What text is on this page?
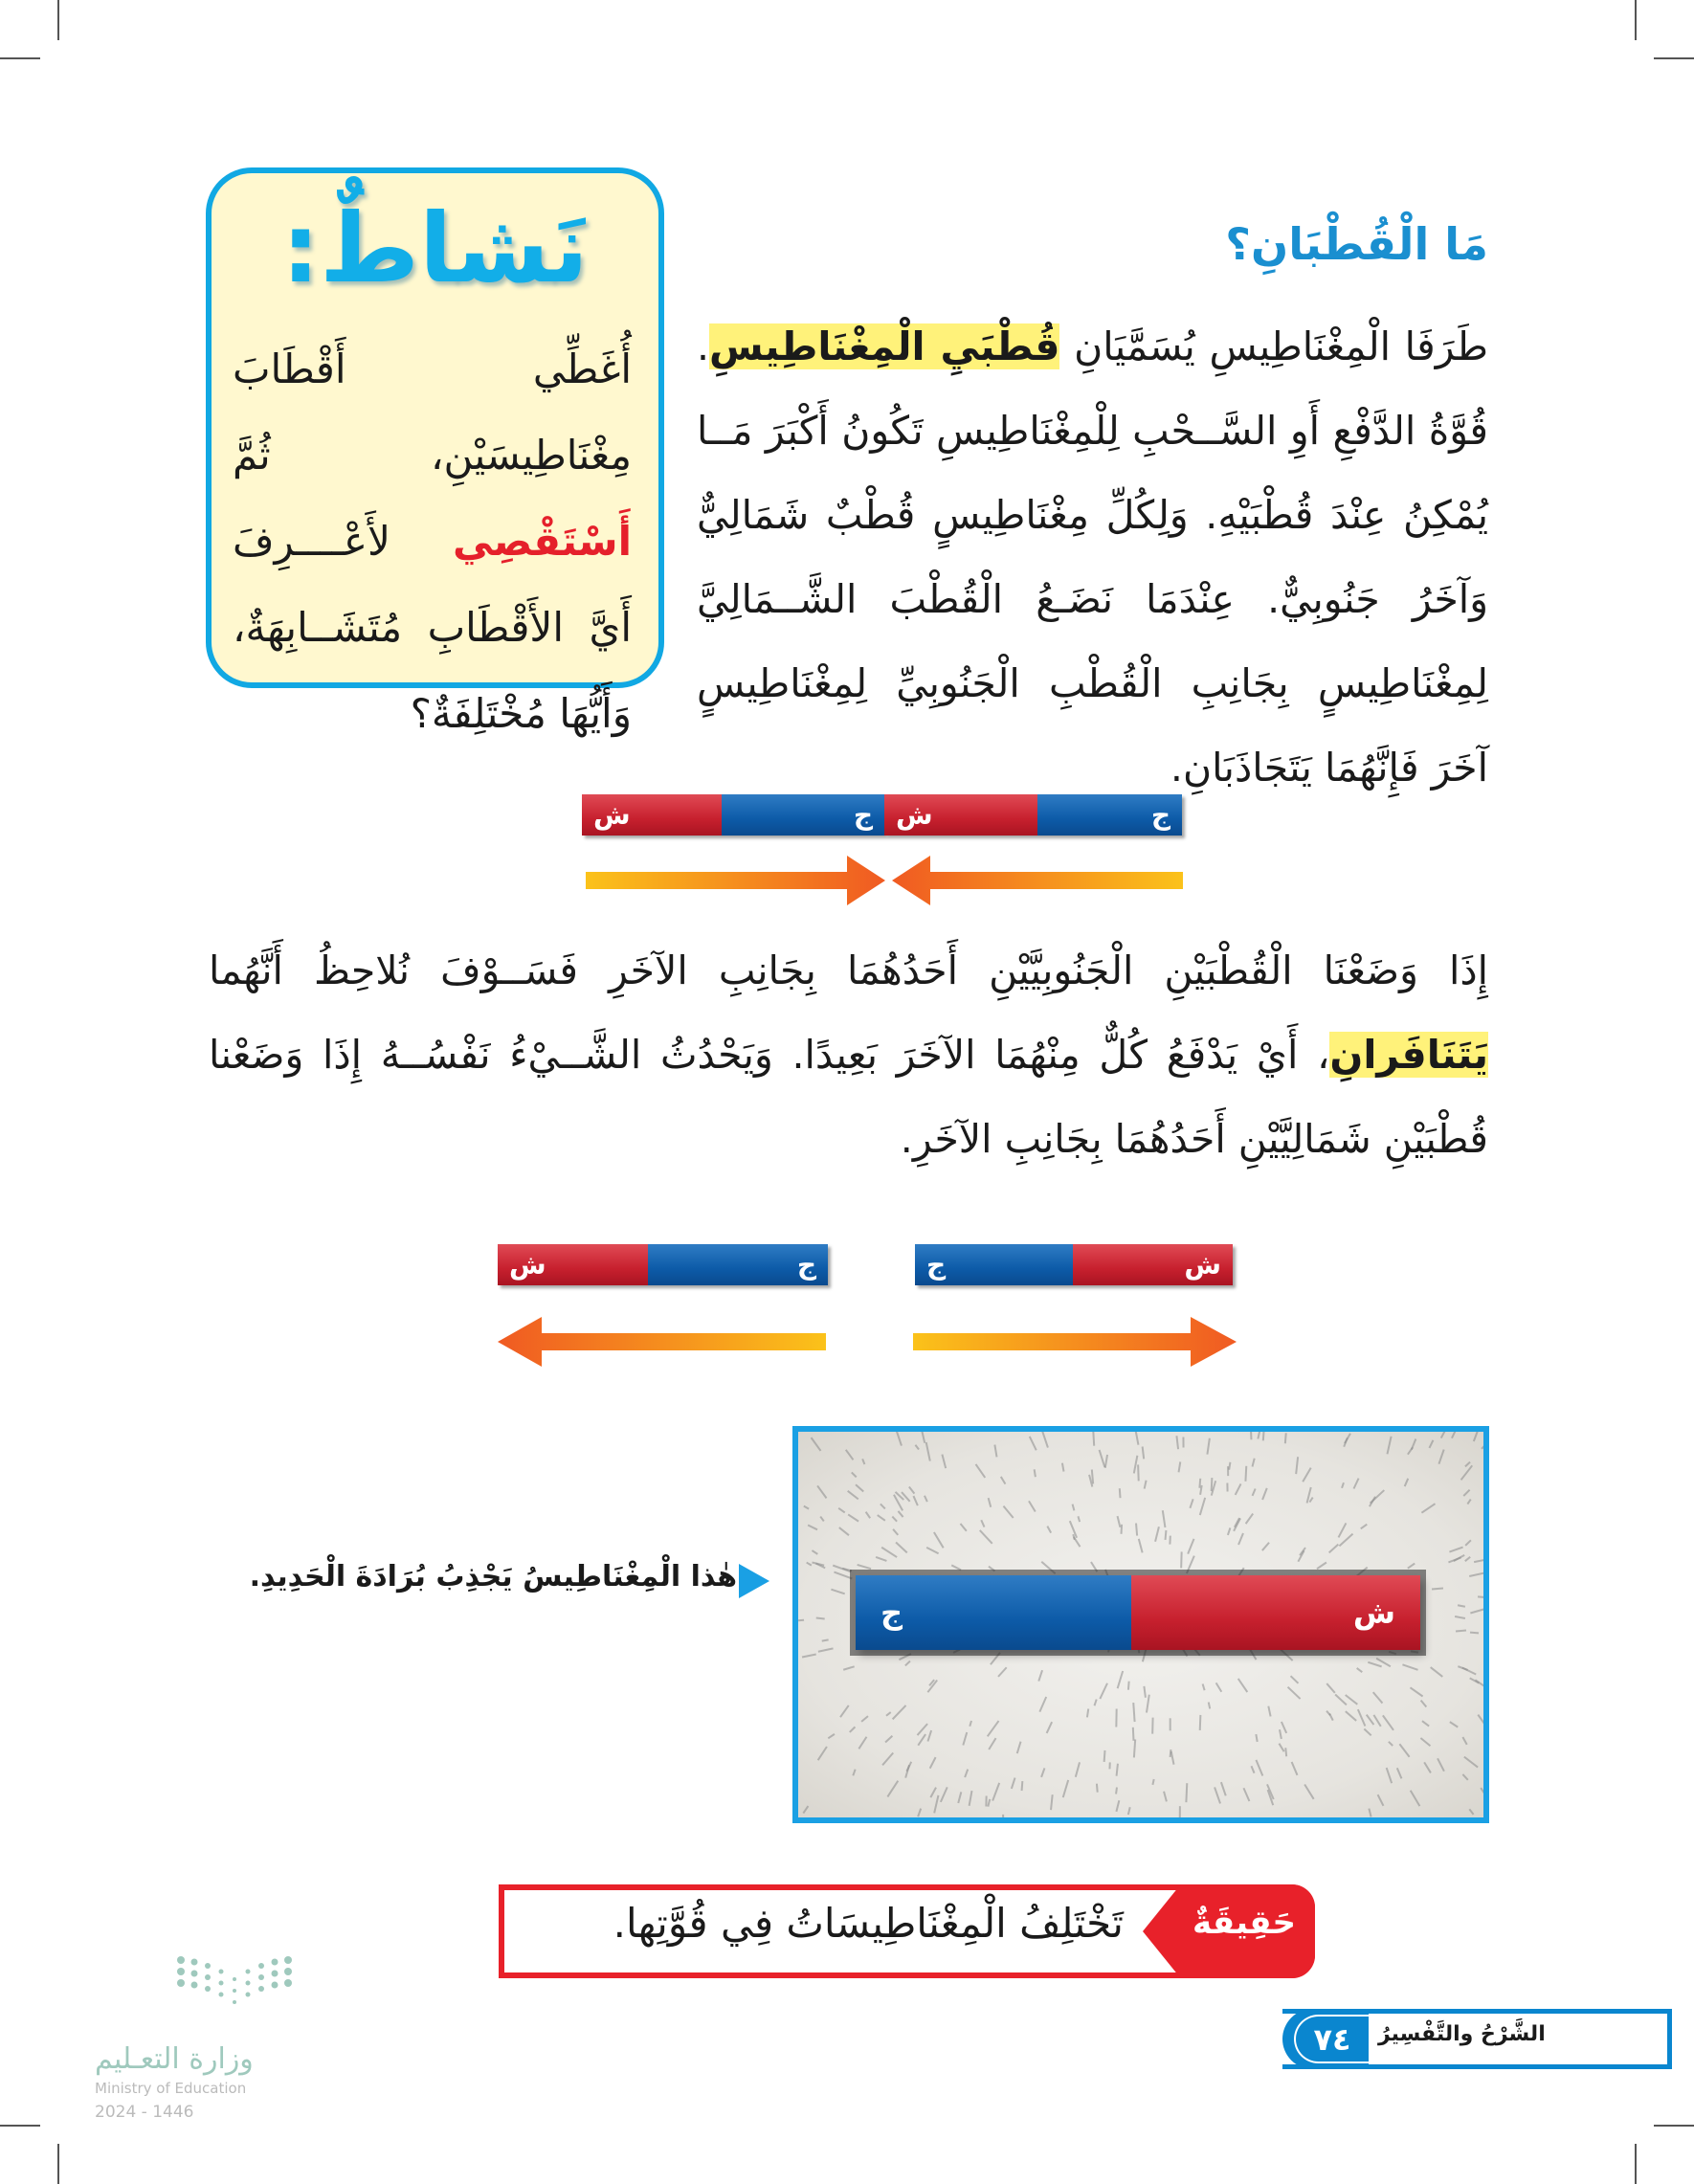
نَشاطٌ:
أُغَطِّي أَقْطَابَ مِغْنَاطِيسَيْنِ، ثُمَّ أَسْتَقْصِي لأَعْــــرِفَ أَيَّ الأَقْطَابِ مُتَشَــابِهَةٌ، وَأَيُّهَا مُخْتَلِفَةٌ؟
مَا الْقُطْبَانِ؟
طَرَفَا الْمِغْنَاطِيسِ يُسَمَّيَانِ قُطْبَيِ الْمِغْنَاطِيسِ. قُوَّةُ الدَّفْعِ أَوِ السَّــحْبِ لِلْمِغْنَاطِيسِ تَكُونُ أَكْبَرَ مَــا يُمْكِنُ عِنْدَ قُطْبَيْهِ. وَلِكُلِّ مِغْنَاطِيسٍ قُطْبٌ شَمَالِيٌّ وَآخَرُ جَنُوبِيٌّ. عِنْدَمَا نَضَـعُ الْقُطْبَ الشَّــمَالِيَّ لِمِغْنَاطِيسٍ بِجَانِبِ الْقُطْبِ الْجَنُوبِيِّ لِمِغْنَاطِيسٍ آخَرَ فَإِنَّهُمَا يَتَجَاذَبَانِ.
ش	ج ش	ج
إِذَا وَضَعْنَا الْقُطْبَيْنِ الْجَنُوبِيَّيْنِ أَحَدُهُمَا بِجَانِبِ الآخَرِ فَسَــوْفَ نُلاحِظُ أَنَّهُما يَتَنَافَرانِ، أَيْ يَدْفَعُ كُلٌّ مِنْهُمَا الآخَرَ بَعِيدًا. وَيَحْدُثُ الشَّــيْءُ نَفْسُــهُ إِذَا وَضَعْنا قُطْبَيْنِ شَمَالِيَّيْنِ أَحَدُهُمَا بِجَانِبِ الآخَرِ.
ش	ج	ج	ش
ج	ش
هٰذا الْمِغْنَاطِيسُ يَجْذِبُ بُرَادَةَ الْحَدِيدِ.
حَقِيقَةٌ
تَخْتَلِفُ الْمِغْنَاطِيسَاتُ فِي قُوَّتِها.
وزارة التعـليم
Ministry of Education
2024 - 1446
٧٤	الشَّرْحُ والتَّفْسِيرُ
